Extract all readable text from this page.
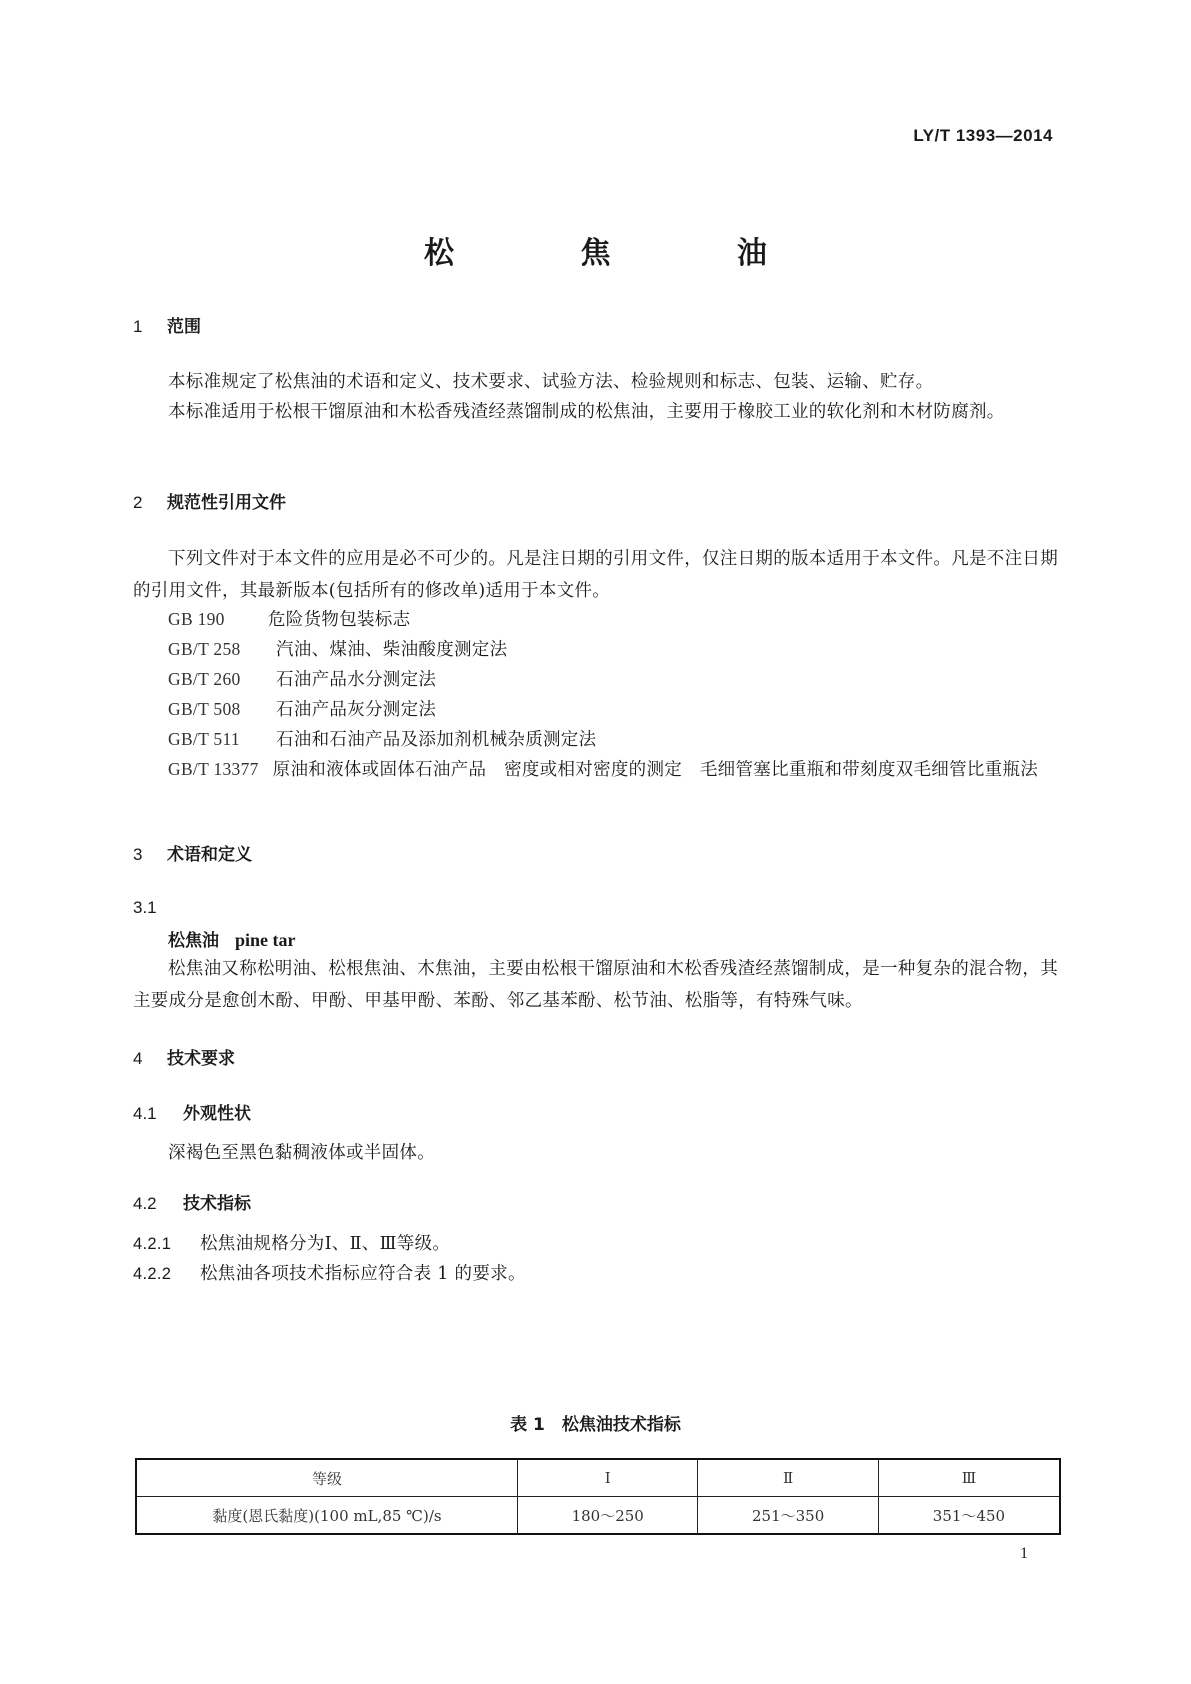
LY/T 1393—2014
松 焦 油
1 范围
本标准规定了松焦油的术语和定义、技术要求、试验方法、检验规则和标志、包装、运输、贮存。
本标准适用于松根干馏原油和木松香残渣经蒸馏制成的松焦油，主要用于橡胶工业的软化剂和木材防腐剂。
2 规范性引用文件
下列文件对于本文件的应用是必不可少的。凡是注日期的引用文件，仅注日期的版本适用于本文件。凡是不注日期的引用文件，其最新版本(包括所有的修改单)适用于本文件。
GB 190 危险货物包装标志
GB/T 258 汽油、煤油、柴油酸度测定法
GB/T 260 石油产品水分测定法
GB/T 508 石油产品灰分测定法
GB/T 511 石油和石油产品及添加剂机械杂质测定法
GB/T 13377 原油和液体或固体石油产品　密度或相对密度的测定　毛细管塞比重瓶和带刻度双毛细管比重瓶法
3 术语和定义
3.1
松焦油 pine tar
松焦油又称松明油、松根焦油、木焦油，主要由松根干馏原油和木松香残渣经蒸馏制成，是一种复杂的混合物，其主要成分是愈创木酚、甲酚、甲基甲酚、苯酚、邻乙基苯酚、松节油、松脂等，有特殊气味。
4 技术要求
4.1 外观性状
深褐色至黑色黏稠液体或半固体。
4.2 技术指标
4.2.1 松焦油规格分为Ⅰ、Ⅱ、Ⅲ等级。
4.2.2 松焦油各项技术指标应符合表 1 的要求。
表 1　松焦油技术指标
等级	Ⅰ	Ⅱ	Ⅲ
黏度(恩氏黏度)(100 mL,85 ℃)/s	180～250	251～350	351～450
1
